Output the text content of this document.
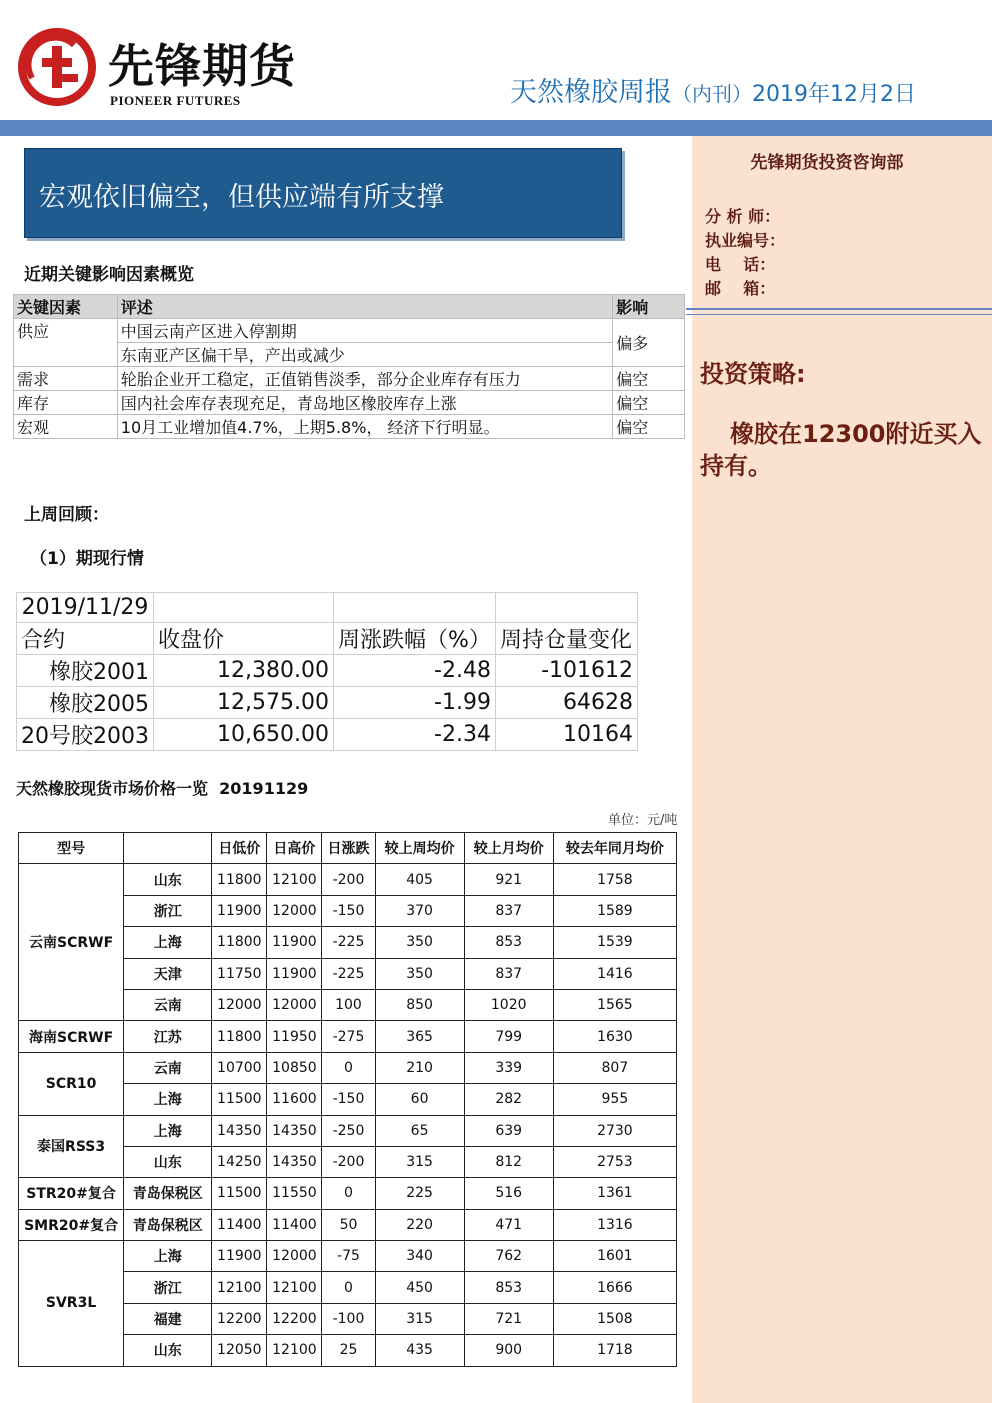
先锋期货
PIONEER FUTURES	天然橡胶周报（内刊）2019年12月2日
先锋期货投资咨询部
分 析 师：
执业编号：
电    话：
邮    箱：
投资策略:
橡胶在12300附近买入持有。
宏观依旧偏空，但供应端有所支撑
近期关键影响因素概览
关键因素	评述	影响
供应	中国云南产区进入停割期	偏多
	东南亚产区偏干旱，产出或减少	
需求	轮胎企业开工稳定，正值销售淡季，部分企业库存有压力	偏空
库存	国内社会库存表现充足，青岛地区橡胶库存上涨	偏空
宏观	10月工业增加值4.7%，上期5.8%， 经济下行明显。	偏空
上周回顾：
（1）期现行情
2019/11/29			
合约	收盘价	周涨跌幅（%）	周持仓量变化
橡胶2001	12,380.00	-2.48	-101612
橡胶2005	12,575.00	-1.99	64628
20号胶2003	10,650.00	-2.34	10164
天然橡胶现货市场价格一览 20191129
单位：元/吨
型号		日低价	日高价	日涨跌	较上周均价	较上月均价	较去年同月均价
云南SCRWF	山东	11800	12100	-200	405	921	1758
	浙江	11900	12000	-150	370	837	1589
	上海	11800	11900	-225	350	853	1539
	天津	11750	11900	-225	350	837	1416
	云南	12000	12000	100	850	1020	1565
海南SCRWF	江苏	11800	11950	-275	365	799	1630
SCR10	云南	10700	10850	0	210	339	807
	上海	11500	11600	-150	60	282	955
泰国RSS3	上海	14350	14350	-250	65	639	2730
	山东	14250	14350	-200	315	812	2753
STR20#复合	青岛保税区	11500	11550	0	225	516	1361
SMR20#复合	青岛保税区	11400	11400	50	220	471	1316
SVR3L	上海	11900	12000	-75	340	762	1601
	浙江	12100	12100	0	450	853	1666
	福建	12200	12200	-100	315	721	1508
	山东	12050	12100	25	435	900	1718
